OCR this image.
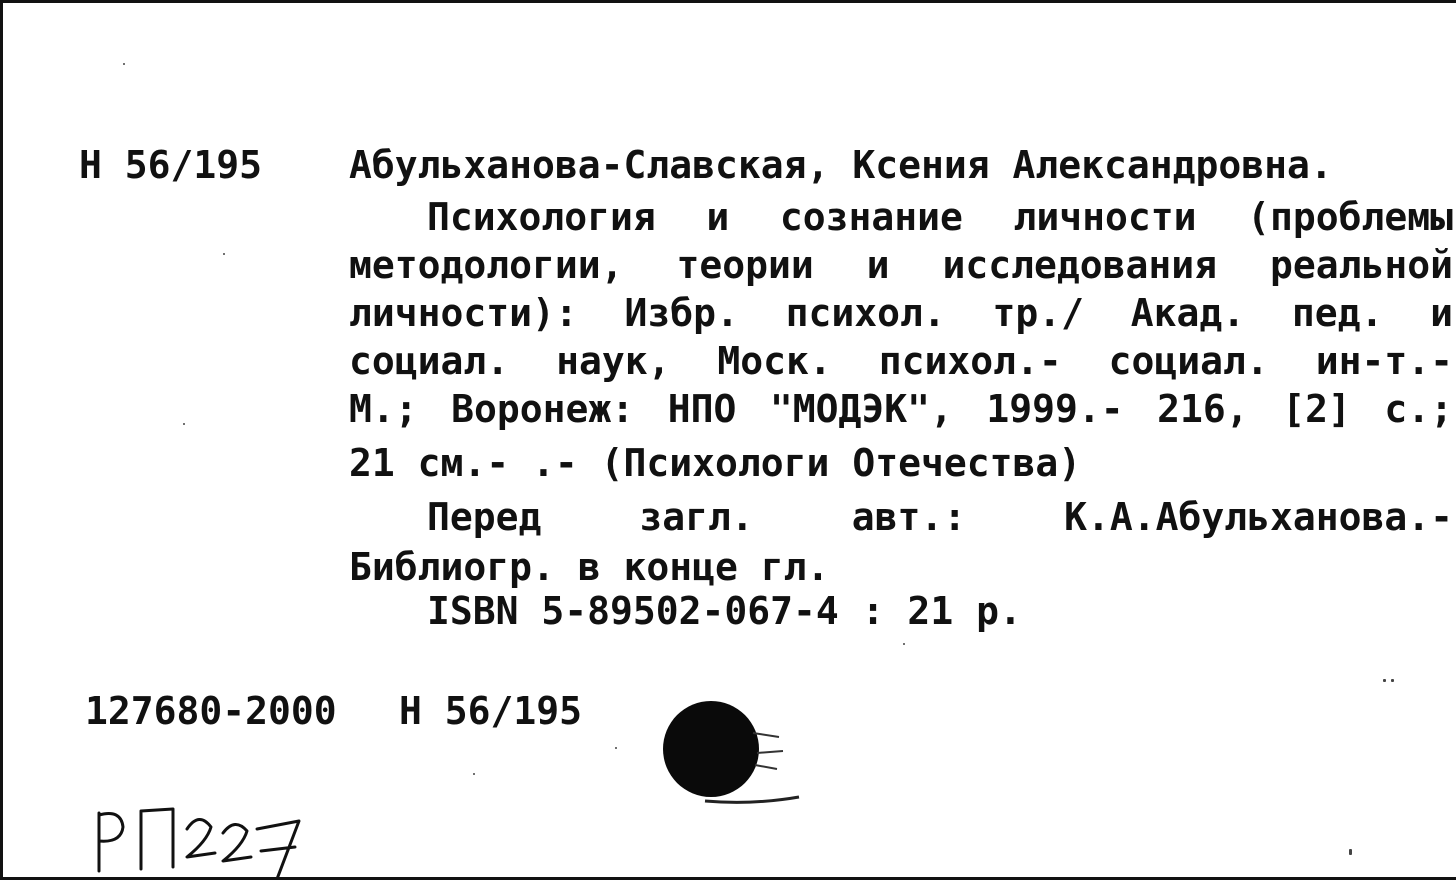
Н 56/195 Абульханова-Славская, Ксения Александровна.
Психология и сознание личности (проблемы
методологии, теории и исследования реальной
личности): Избр. психол. тр./ Акад. пед. и
социал. наук, Моск. психол.- социал. ин-т.-
М.; Воронеж: НПО "МОДЭК", 1999.- 216, [2] с.;
21 см.- .- (Психологи Отечества)
Перед загл. авт.: К.А.Абульханова.-
Библиогр. в конце гл.
ISBN 5-89502-067-4 : 21 р.
127680-2000 Н 56/195
